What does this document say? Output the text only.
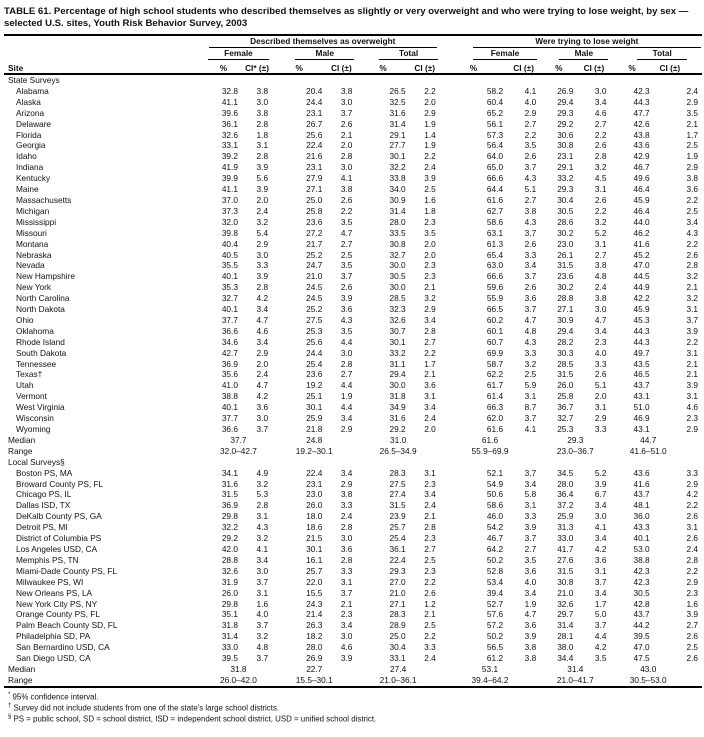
TABLE 61. Percentage of high school students who described themselves as slightly or very overweight and who were trying to lose weight, by sex — selected U.S. sites, Youth Risk Behavior Survey, 2003

	Described themselves as overweight						Were trying to lose weight					

	Female		Male		Total		Female		Male		Total	

Site	%	CI* (±)	%	CI (±)	%	CI (±)	%	CI (±)	%	CI (±)	%	CI (±)
State Surveys												
Alabama	32.8	3.8	20.4	3.8	26.5	2.2	58.2	4.1	26.9	3.0	42.3	2.4
Alaska	41.1	3.0	24.4	3.0	32.5	2.0	60.4	4.0	29.4	3.4	44.3	2.9
Arizona	39.6	3.8	23.1	3.7	31.6	2.9	65.2	2.9	29.3	4.6	47.7	3.5
Delaware	36.1	2.8	26.7	2.6	31.4	1.9	56.1	2.7	29.2	2.7	42.6	2.1
Florida	32.6	1.8	25.6	2.1	29.1	1.4	57.3	2.2	30.6	2.2	43.8	1.7
Georgia	33.1	3.1	22.4	2.0	27.7	1.9	56.4	3.5	30.8	2.6	43.6	2.5
Idaho	39.2	2.8	21.6	2.8	30.1	2.2	64.0	2.6	23.1	2.8	42.9	1.9
Indiana	41.9	3.9	23.1	3.0	32.2	2.4	65.0	3.7	29.1	3.2	46.7	2.9
Kentucky	39.9	5.6	27.9	4.1	33.8	3.9	66.6	4.3	33.2	4.5	49.6	3.8
Maine	41.1	3.9	27.1	3.8	34.0	2.5	64.4	5.1	29.3	3.1	46.4	3.6
Massachusetts	37.0	2.0	25.0	2.6	30.9	1.6	61.6	2.7	30.4	2.6	45.9	2.2
Michigan	37.3	2.4	25.8	2.2	31.4	1.8	62.7	3.8	30.5	2.2	46.4	2.5
Mississippi	32.0	3.2	23.6	3.5	28.0	2.3	58.6	4.3	28.6	3.2	44.0	3.4
Missouri	39.8	5.4	27.2	4.7	33.5	3.5	63.1	3.7	30.2	5.2	46.2	4.3
Montana	40.4	2.9	21.7	2.7	30.8	2.0	61.3	2.6	23.0	3.1	41.6	2.2
Nebraska	40.5	3.0	25.2	2.5	32.7	2.0	65.4	3.3	26.1	2.7	45.2	2.6
Nevada	35.5	3.3	24.7	3.5	30.0	2.3	63.0	3.4	31.5	3.8	47.0	2.8
New Hampshire	40.1	3.9	21.0	3.7	30.5	2.3	66.6	3.7	23.6	4.8	44.5	3.2
New York	35.3	2.8	24.5	2.6	30.0	2.1	59.6	2.6	30.2	2.4	44.9	2.1
North Carolina	32.7	4.2	24.5	3.9	28.5	3.2	55.9	3.6	28.8	3.8	42.2	3.2
North Dakota	40.1	3.4	25.2	3.6	32.3	2.9	66.5	3.7	27.1	3.0	45.9	3.1
Ohio	37.7	4.7	27.5	4.3	32.6	3.4	60.2	4.7	30.9	4.7	45.3	3.7
Oklahoma	36.6	4.6	25.3	3.5	30.7	2.8	60.1	4.8	29.4	3.4	44.3	3.9
Rhode Island	34.6	3.4	25.6	4.4	30.1	2.7	60.7	4.3	28.2	2.3	44.3	2.2
South Dakota	42.7	2.9	24.4	3.0	33.2	2.2	69.9	3.3	30.3	4.0	49.7	3.1
Tennessee	36.9	2.0	25.4	2.8	31.1	1.7	58.7	3.2	28.5	3.3	43.5	2.1
Texas†	35.6	2.4	23.6	2.7	29.4	2.1	62.2	2.5	31.5	2.6	46.5	2.1
Utah	41.0	4.7	19.2	4.4	30.0	3.6	61.7	5.9	26.0	5.1	43.7	3.9
Vermont	38.8	4.2	25.1	1.9	31.8	3.1	61.4	3.1	25.8	2.0	43.1	3.1
West Virginia	40.1	3.6	30.1	4.4	34.9	3.4	66.3	8.7	36.7	3.1	51.0	4.6
Wisconsin	37.7	3.0	25.9	3.4	31.6	2.4	62.0	3.7	32.7	2.9	46.9	2.3
Wyoming	36.6	3.7	21.8	2.9	29.2	2.0	61.6	4.1	25.3	3.3	43.1	2.9
Median	37.7		24.8		31.0		61.6		29.3		44.7	
Range	32.0–42.7		19.2–30.1		26.5–34.9		55.9–69.9		23.0–36.7		41.6–51.0	
Local Surveys§												
Boston PS, MA	34.1	4.9	22.4	3.4	28.3	3.1	52.1	3.7	34.5	5.2	43.6	3.3
Broward County PS, FL	31.6	3.2	23.1	2.9	27.5	2.3	54.9	3.4	28.0	3.9	41.6	2.9
Chicago PS, IL	31.5	5.3	23.0	3.8	27.4	3.4	50.6	5.8	36.4	6.7	43.7	4.2
Dallas ISD, TX	36.9	2.8	26.0	3.3	31.5	2.4	58.6	3.1	37.2	3.4	48.1	2.2
DeKalb County PS, GA	29.8	3.1	18.0	2.4	23.9	2.1	46.0	3.3	25.9	3.0	36.0	2.6
Detroit PS, MI	32.2	4.3	18.6	2.8	25.7	2.8	54.2	3.9	31.3	4.1	43.3	3.1
District of Columbia PS	29.2	3.2	21.5	3.0	25.4	2.3	46.7	3.7	33.0	3.4	40.1	2.6
Los Angeles USD, CA	42.0	4.1	30.1	3.6	36.1	2.7	64.2	2.7	41.7	4.2	53.0	2.4
Memphis PS, TN	28.8	3.4	16.1	2.8	22.4	2.5	50.2	3.5	27.6	3.6	38.8	2.8
Miami-Dade County PS, FL	32.6	3.0	25.7	3.3	29.3	2.3	52.8	3.6	31.5	3.1	42.3	2.2
Milwaukee PS, WI	31.9	3.7	22.0	3.1	27.0	2.2	53.4	4.0	30.8	3.7	42.3	2.9
New Orleans PS, LA	26.0	3.1	15.5	3.7	21.0	2.6	39.4	3.4	21.0	3.4	30.5	2.3
New York City PS, NY	29.8	1.6	24.3	2.1	27.1	1.2	52.7	1.9	32.6	1.7	42.8	1.6
Orange County PS, FL	35.1	4.0	21.4	2.3	28.3	2.1	57.6	4.7	29.7	5.0	43.7	3.9
Palm Beach County SD, FL	31.8	3.7	26.3	3.4	28.9	2.5	57.2	3.6	31.4	3.7	44.2	2.7
Philadelphia SD, PA	31.4	3.2	18.2	3.0	25.0	2.2	50.2	3.9	28.1	4.4	39.5	2.6
San Bernardino USD, CA	33.0	4.8	28.0	4.6	30.4	3.3	56.5	3.8	38.0	4.2	47.0	2.5
San Diego USD, CA	39.5	3.7	26.9	3.9	33.1	2.4	61.2	3.8	34.4	3.5	47.5	2.6
Median	31.8		22.7		27.4		53.1		31.4		43.0	
Range	26.0–42.0		15.5–30.1		21.0–36.1		39.4–64.2		21.0–41.7		30.5–53.0	
* 95% confidence interval.
† Survey did not include students from one of the state's large school districts.
§ PS = public school, SD = school district, ISD = independent school district, USD = unified school district.
